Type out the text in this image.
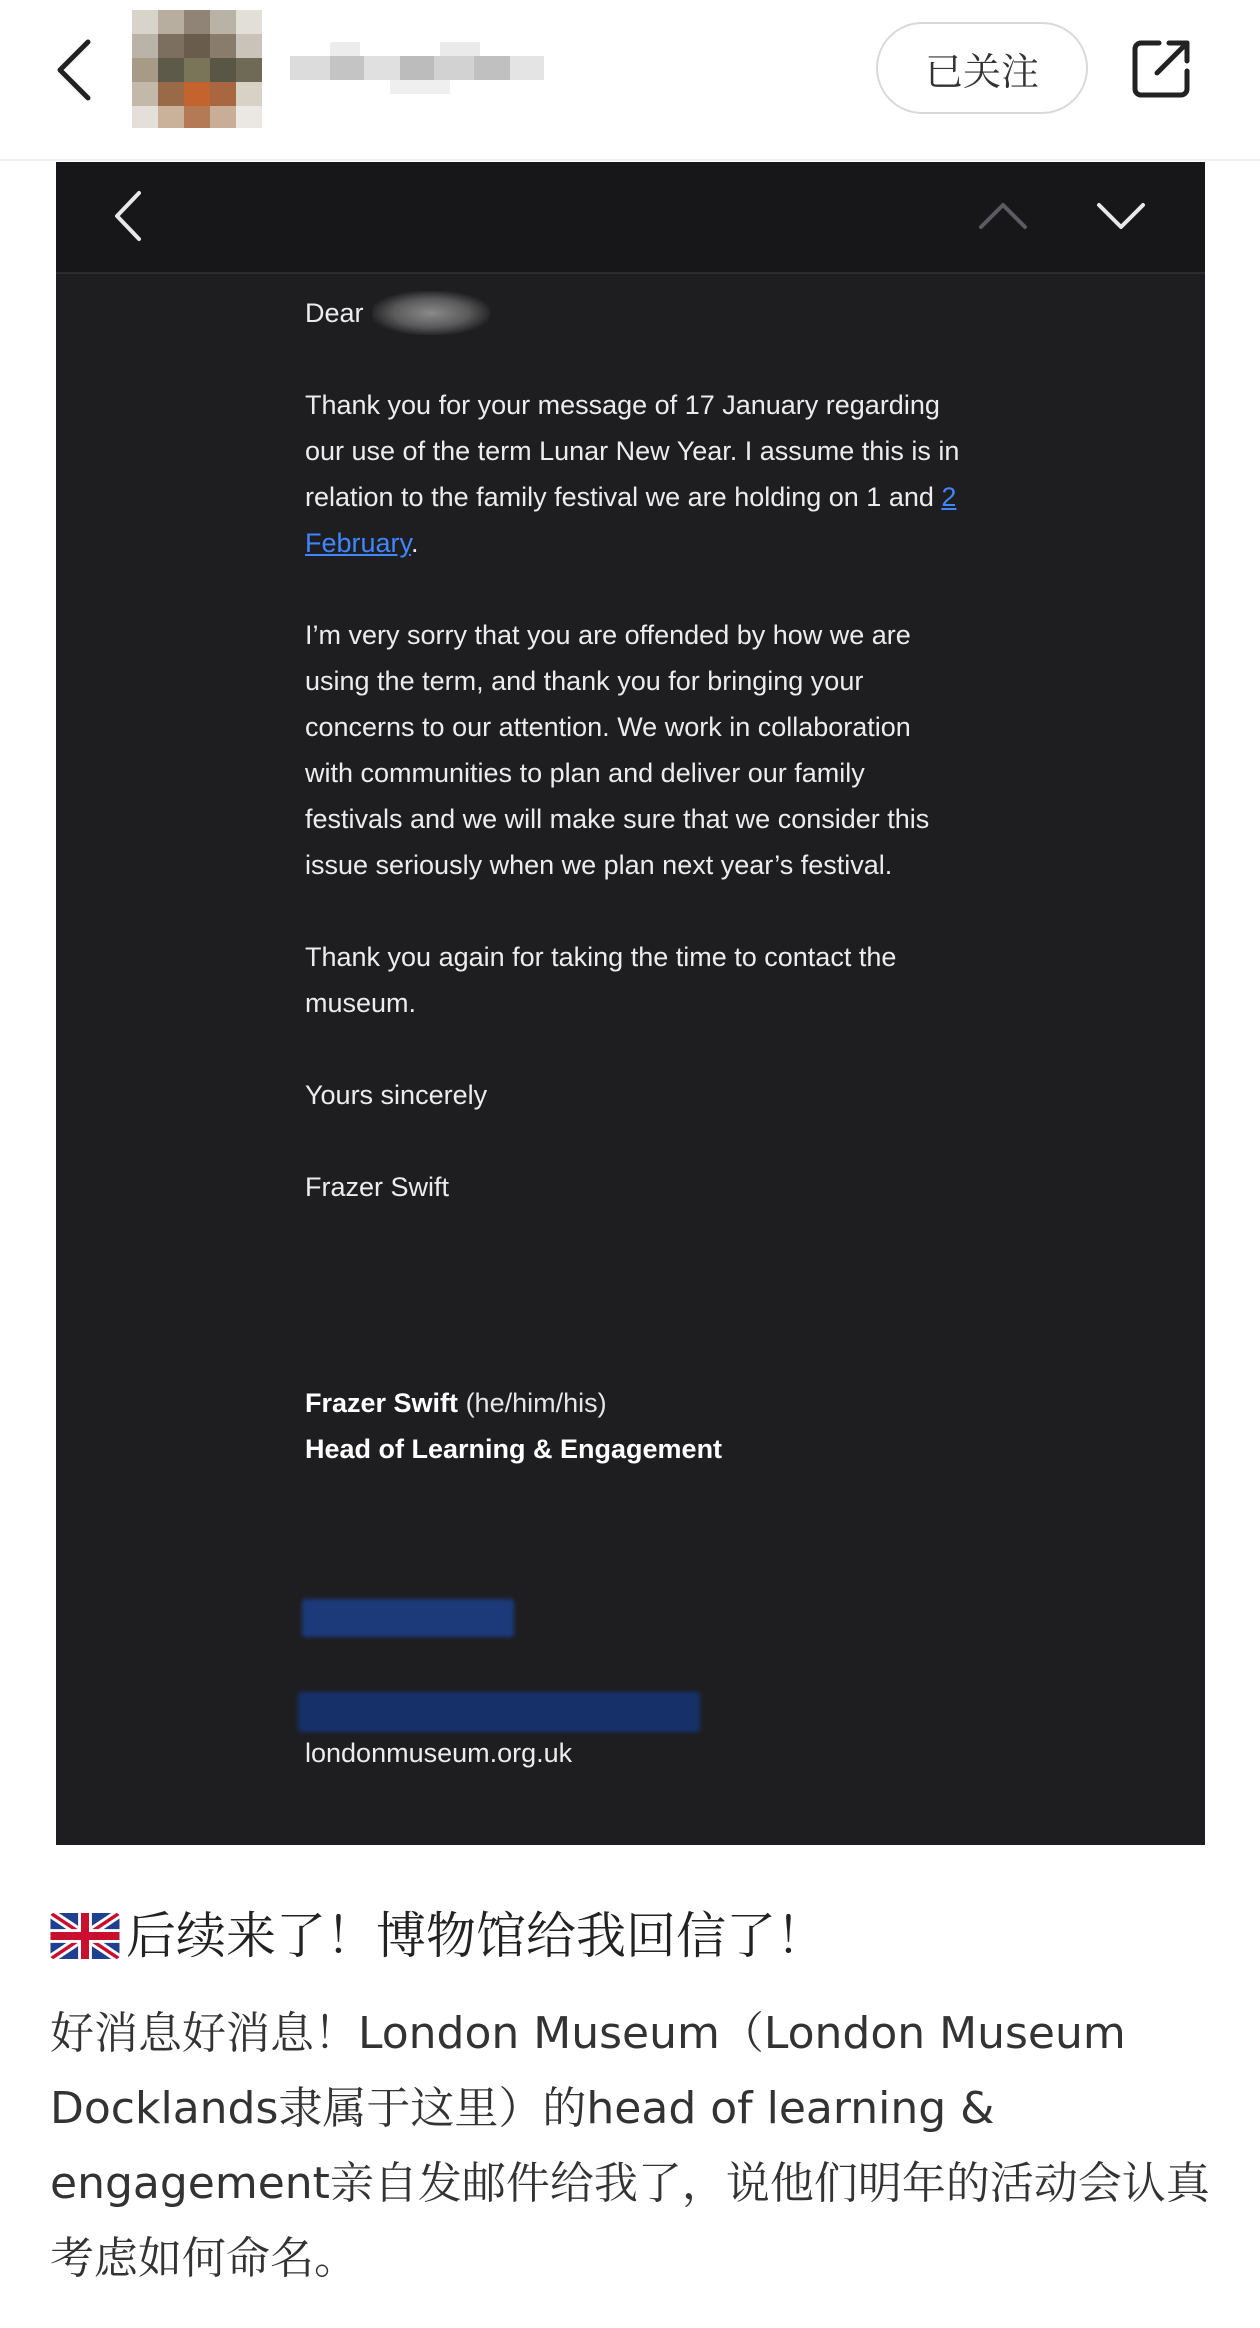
已关注

Dear

Thank you for your message of 17 January regarding our use of the term Lunar New Year. I assume this is in relation to the family festival we are holding on 1 and 2 February.

I’m very sorry that you are offended by how we are using the term, and thank you for bringing your concerns to our attention. We work in collaboration with communities to plan and deliver our family festivals and we will make sure that we consider this issue seriously when we plan next year’s festival.

Thank you again for taking the time to contact the museum.

Yours sincerely

Frazer Swift

Frazer Swift (he/him/his)
Head of Learning & Engagement
londonmuseum.org.uk
后续来了！博物馆给我回信了！
好消息好消息！London Museum（London Museum Docklands隶属于这里）的head of learning & engagement亲自发邮件给我了，说他们明年的活动会认真考虑如何命名。
